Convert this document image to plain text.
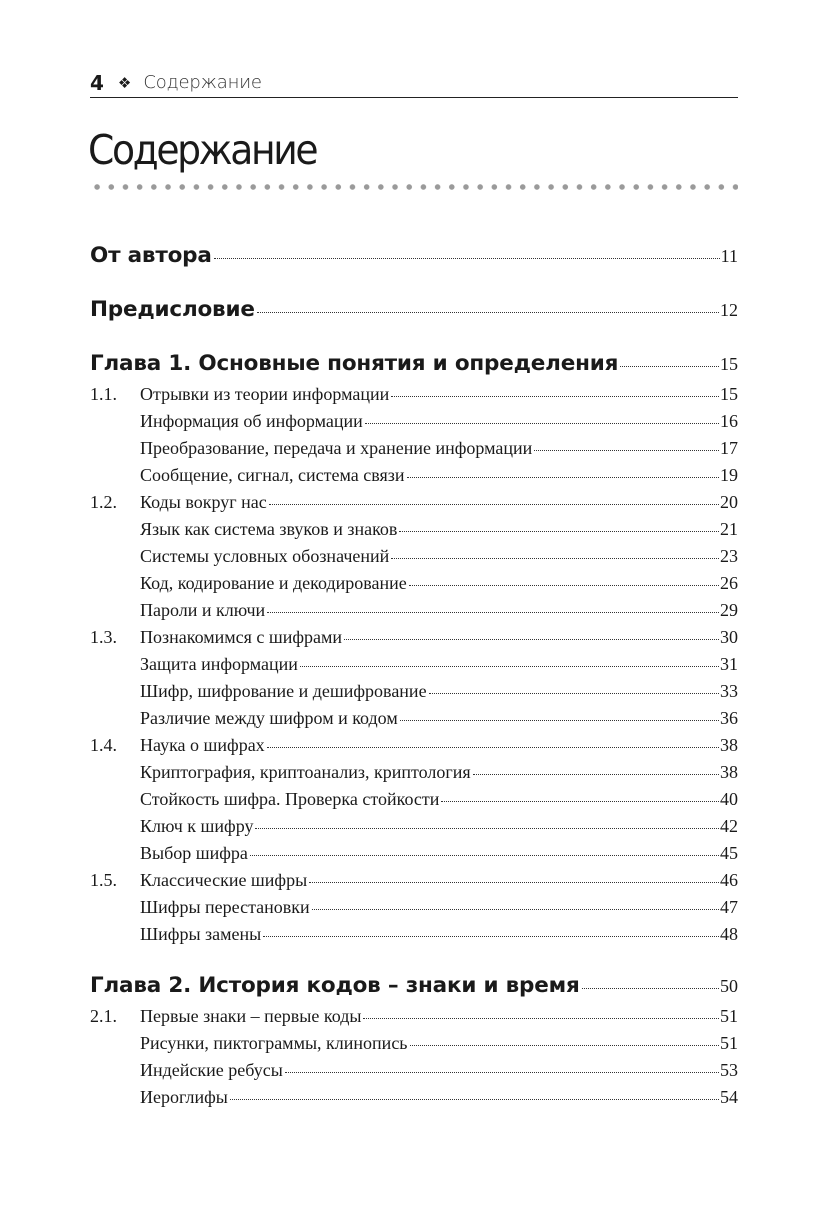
4 ❖ Содержание
Содержание
От автора	11
Предисловие	12
Глава 1. Основные понятия и определения	15
1.1.	Отрывки из теории информации	15
Информация об информации	16
Преобразование, передача и хранение информации	17
Сообщение, сигнал, система связи	19
1.2.	Коды вокруг нас	20
Язык как система звуков и знаков	21
Системы условных обозначений	23
Код, кодирование и декодирование	26
Пароли и ключи	29
1.3.	Познакомимся с шифрами	30
Защита информации	31
Шифр, шифрование и дешифрование	33
Различие между шифром и кодом	36
1.4.	Наука о шифрах	38
Криптография, криптоанализ, криптология	38
Стойкость шифра. Проверка стойкости	40
Ключ к шифру	42
Выбор шифра	45
1.5.	Классические шифры	46
Шифры перестановки	47
Шифры замены	48
Глава 2. История кодов – знаки и время	50
2.1.	Первые знаки – первые коды	51
Рисунки, пиктограммы, клинопись	51
Индейские ребусы	53
Иероглифы	54
